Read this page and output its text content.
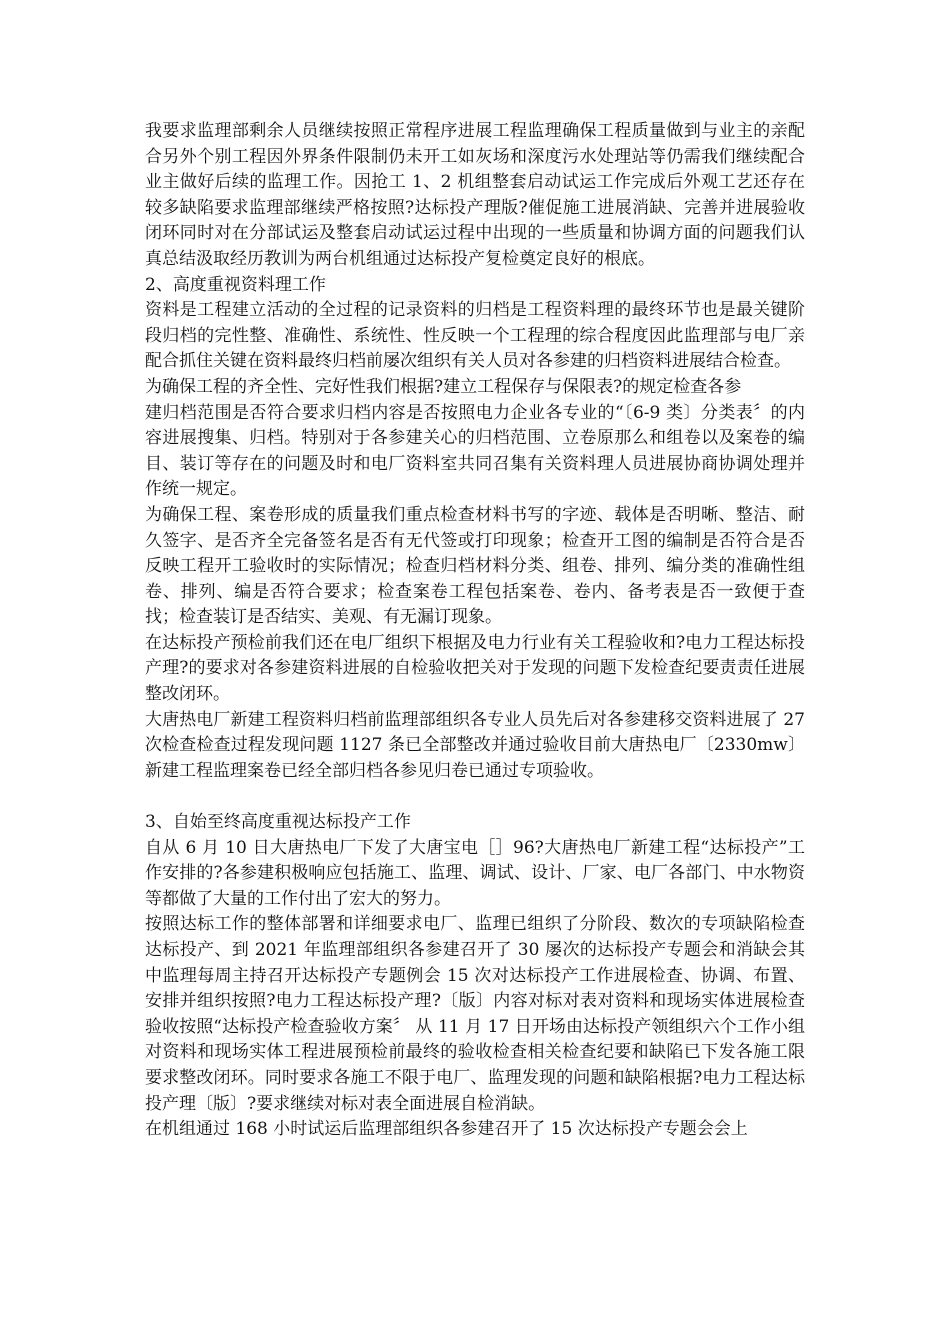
我要求监理部剩余人员继续按照正常程序进展工程监理确保工程质量做到与业主的亲配合另外个别工程因外界条件限制仍未开工如灰场和深度污水处理站等仍需我们继续配合业主做好后续的监理工作。因抢工 1、2 机组整套启动试运工作完成后外观工艺还存在较多缺陷要求监理部继续严格按照?达标投产理版?催促施工进展消缺、完善并进展验收闭环同时对在分部试运及整套启动试运过程中出现的一些质量和协调方面的问题我们认真总结汲取经历教训为两台机组通过达标投产复检奠定良好的根底。

2、高度重视资料理工作

资料是工程建立活动的全过程的记录资料的归档是工程资料理的最终环节也是最关键阶段归档的完性整、准确性、系统性、性反映一个工程理的综合程度因此监理部与电厂亲配合抓住关键在资料最终归档前屡次组织有关人员对各参建的归档资料进展结合检查。

为确保工程的齐全性、完好性我们根据?建立工程保存与保限表?的规定检查各参

建归档范围是否符合要求归档内容是否按照电力企业各专业的“〔6-9 类〕分类表〞的内容进展搜集、归档。特别对于各参建关心的归档范围、立卷原那么和组卷以及案卷的编目、装订等存在的问题及时和电厂资料室共同召集有关资料理人员进展协商协调处理并作统一规定。

为确保工程、案卷形成的质量我们重点检查材料书写的字迹、载体是否明晰、整洁、耐久签字、是否齐全完备签名是否有无代签或打印现象；检查开工图的编制是否符合是否反映工程开工验收时的实际情况；检查归档材料分类、组卷、排列、编分类的准确性组卷、排列、编是否符合要求；检查案卷工程包括案卷、卷内、备考表是否一致便于查找；检查装订是否结实、美观、有无漏订现象。

在达标投产预检前我们还在电厂组织下根据及电力行业有关工程验收和?电力工程达标投产理?的要求对各参建资料进展的自检验收把关对于发现的问题下发检查纪要责责任进展整改闭环。

大唐热电厂新建工程资料归档前监理部组织各专业人员先后对各参建移交资料进展了 27 次检查检查过程发现问题 1127 条已全部整改并通过验收目前大唐热电厂〔2330mw〕新建工程监理案卷已经全部归档各参见归卷已通过专项验收。

3、自始至终高度重视达标投产工作

自从 6 月 10 日大唐热电厂下发了大唐宝电［］96?大唐热电厂新建工程“达标投产”工作安排的?各参建积极响应包括施工、监理、调试、设计、厂家、电厂各部门、中水物资等都做了大量的工作付出了宏大的努力。

按照达标工作的整体部署和详细要求电厂、监理已组织了分阶段、数次的专项缺陷检查达标投产、到 2021 年监理部组织各参建召开了 30 屡次的达标投产专题会和消缺会其中监理每周主持召开达标投产专题例会 15 次对达标投产工作进展检查、协调、布置、安排并组织按照?电力工程达标投产理?〔版〕内容对标对表对资料和现场实体进展检查验收按照“达标投产检查验收方案〞 从 11 月 17 日开场由达标投产领组织六个工作小组对资料和现场实体工程进展预检前最终的验收检查相关检查纪要和缺陷已下发各施工限要求整改闭环。同时要求各施工不限于电厂、监理发现的问题和缺陷根据?电力工程达标投产理〔版〕?要求继续对标对表全面进展自检消缺。

在机组通过 168 小时试运后监理部组织各参建召开了 15 次达标投产专题会会上
